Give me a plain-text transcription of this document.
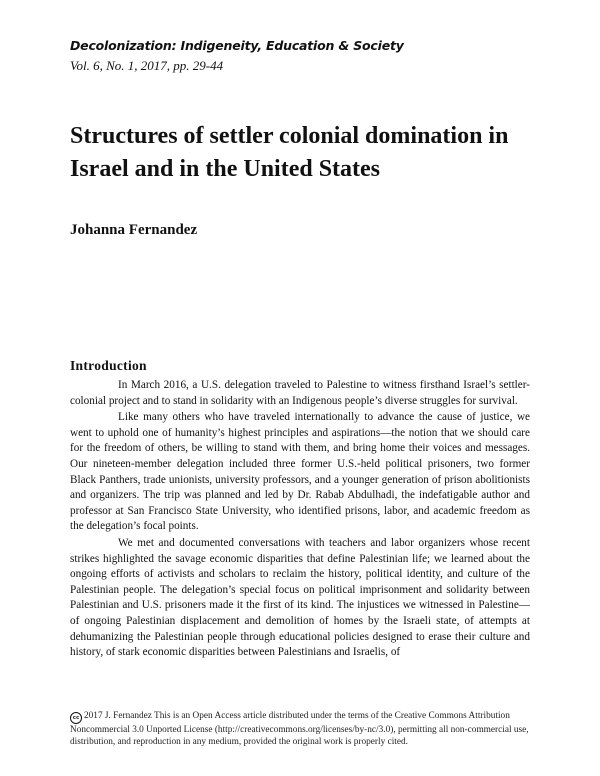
Decolonization: Indigeneity, Education & Society
Vol. 6, No. 1, 2017, pp. 29-44
Structures of settler colonial domination in Israel and in the United States
Johanna Fernandez
Introduction

In March 2016, a U.S. delegation traveled to Palestine to witness firsthand Israel’s settler-colonial project and to stand in solidarity with an Indigenous people’s diverse struggles for survival.

Like many others who have traveled internationally to advance the cause of justice, we went to uphold one of humanity’s highest principles and aspirations—the notion that we should care for the freedom of others, be willing to stand with them, and bring home their voices and messages. Our nineteen-member delegation included three former U.S.-held political prisoners, two former Black Panthers, trade unionists, university professors, and a younger generation of prison abolitionists and organizers. The trip was planned and led by Dr. Rabab Abdulhadi, the indefatigable author and professor at San Francisco State University, who identified prisons, labor, and academic freedom as the delegation’s focal points.

We met and documented conversations with teachers and labor organizers whose recent strikes highlighted the savage economic disparities that define Palestinian life; we learned about the ongoing efforts of activists and scholars to reclaim the history, political identity, and culture of the Palestinian people. The delegation’s special focus on political imprisonment and solidarity between Palestinian and U.S. prisoners made it the first of its kind. The injustices we witnessed in Palestine—of ongoing Palestinian displacement and demolition of homes by the Israeli state, of attempts at dehumanizing the Palestinian people through educational policies designed to erase their culture and history, of stark economic disparities between Palestinians and Israelis, of

cc 2017 J. Fernandez This is an Open Access article distributed under the terms of the Creative Commons Attribution Noncommercial 3.0 Unported License (http://creativecommons.org/licenses/by-nc/3.0), permitting all non-commercial use, distribution, and reproduction in any medium, provided the original work is properly cited.
